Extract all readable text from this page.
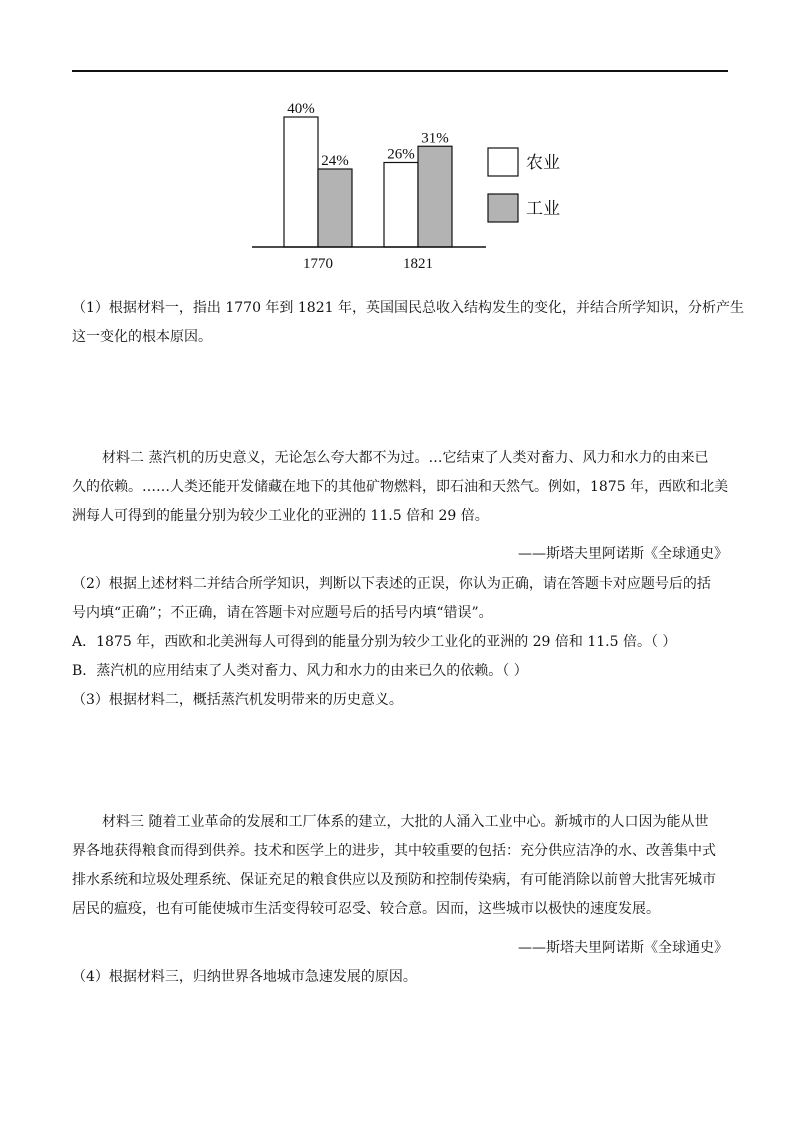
40%
24%	26%
31%
1770	1821
农业
工业
（1）根据材料一，指出 1770 年到 1821 年，英国国民总收入结构发生的变化，并结合所学知识，分析产生
这一变化的根本原因。
材料二 蒸汽机的历史意义，无论怎么夸大都不为过。…它结束了人类对畜力、风力和水力的由来已
久的依赖。……人类还能开发储藏在地下的其他矿物燃料，即石油和天然气。例如，1875 年，西欧和北美
洲每人可得到的能量分别为较少工业化的亚洲的 11.5 倍和 29 倍。
——斯塔夫里阿诺斯《全球通史》
（2）根据上述材料二并结合所学知识，判断以下表述的正误，你认为正确，请在答题卡对应题号后的括
号内填“正确”；不正确，请在答题卡对应题号后的括号内填“错误”。
A．1875 年，西欧和北美洲每人可得到的能量分别为较少工业化的亚洲的 29 倍和 11.5 倍。（ ）
B．蒸汽机的应用结束了人类对畜力、风力和水力的由来已久的依赖。（ ）
（3）根据材料二，概括蒸汽机发明带来的历史意义。
材料三 随着工业革命的发展和工厂体系的建立，大批的人涌入工业中心。新城市的人口因为能从世
界各地获得粮食而得到供养。技术和医学上的进步，其中较重要的包括：充分供应洁净的水、改善集中式
排水系统和垃圾处理系统、保证充足的粮食供应以及预防和控制传染病，有可能消除以前曾大批害死城市
居民的瘟疫，也有可能使城市生活变得较可忍受、较合意。因而，这些城市以极快的速度发展。
——斯塔夫里阿诺斯《全球通史》
（4）根据材料三，归纳世界各地城市急速发展的原因。
